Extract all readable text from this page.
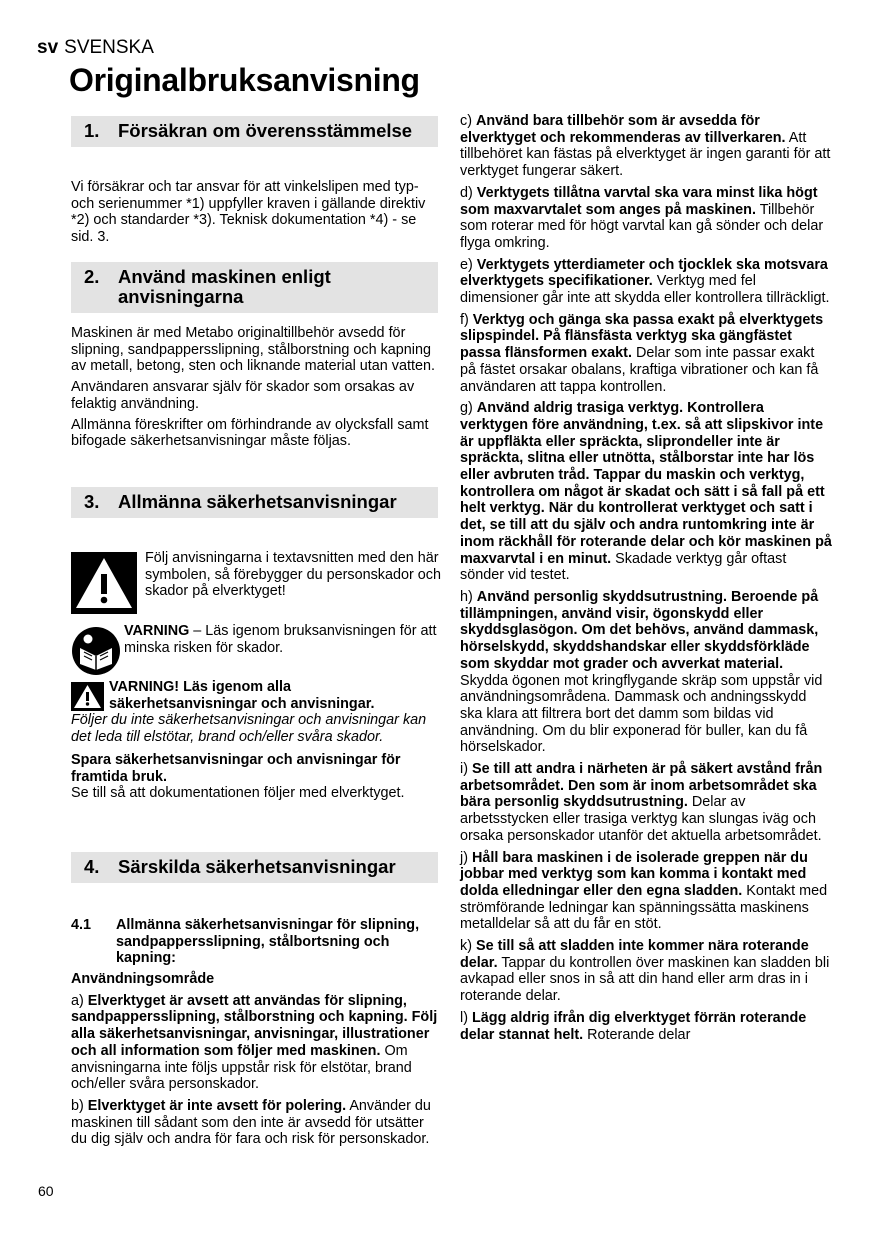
sv SVENSKA
Originalbruksanvisning
1. Försäkran om överensstämmelse

Vi försäkrar och tar ansvar för att vinkelslipen med typ- och serienummer *1) uppfyller kraven i gällande direktiv *2) och standarder *3). Teknisk dokumentation *4) - se sid. 3.

2. Använd maskinen enligt anvisningarna

Maskinen är med Metabo originaltillbehör avsedd för slipning, sandpappersslipning, stålborstning och kapning av metall, betong, sten och liknande material utan vatten.

Användaren ansvarar själv för skador som orsakas av felaktig användning.

Allmänna föreskrifter om förhindrande av olycksfall samt bifogade säkerhetsanvisningar måste följas.

3. Allmänna säkerhetsanvisningar
Följ anvisningarna i textavsnitten med den här symbolen, så förebygger du personskador och skador på elverktyget!
VARNING – Läs igenom bruksanvisningen för att minska risken för skador.

VARNING! Läs igenom alla säkerhetsanvisningar och anvisningar.

Följer du inte säkerhetsanvisningar och anvisningar kan det leda till elstötar, brand och/eller svåra skador.

Spara säkerhetsanvisningar och anvisningar för framtida bruk.

Se till så att dokumentationen följer med elverktyget.

4. Särskilda säkerhetsanvisningar
4.1 Allmänna säkerhetsanvisningar för slipning, sandpappersslipning, stålbortsning och kapning:

Användningsområde

a) Elverktyget är avsett att användas för slipning, sandpappersslipning, stålborstning och kapning. Följ alla säkerhetsanvisningar, anvisningar, illustrationer och all information som följer med maskinen. Om anvisningarna inte följs uppstår risk för elstötar, brand och/eller svåra personskador.

b) Elverktyget är inte avsett för polering. Använder du maskinen till sådant som den inte är avsedd för utsätter du dig själv och andra för fara och risk för personskador.

c) Använd bara tillbehör som är avsedda för elverktyget och rekommenderas av tillverkaren. Att tillbehöret kan fästas på elverktyget är ingen garanti för att verktyget fungerar säkert.

d) Verktygets tillåtna varvtal ska vara minst lika högt som maxvarvtalet som anges på maskinen. Tillbehör som roterar med för högt varvtal kan gå sönder och delar flyga omkring.

e) Verktygets ytterdiameter och tjocklek ska motsvara elverktygets specifikationer. Verktyg med fel dimensioner går inte att skydda eller kontrollera tillräckligt.

f) Verktyg och gänga ska passa exakt på elverktygets slipspindel. På flänsfästa verktyg ska gängfästet passa flänsformen exakt. Delar som inte passar exakt på fästet orsakar obalans, kraftiga vibrationer och kan få användaren att tappa kontrollen.

g) Använd aldrig trasiga verktyg. Kontrollera verktygen före användning, t.ex. så att slipskivor inte är uppfläkta eller spräckta, sliprondeller inte är spräckta, slitna eller utnötta, stålborstar inte har lös eller avbruten tråd. Tappar du maskin och verktyg, kontrollera om något är skadat och sätt i så fall på ett helt verktyg. När du kontrollerat verktyget och satt i det, se till att du själv och andra runtomkring inte är inom räckhåll för roterande delar och kör maskinen på maxvarvtal i en minut. Skadade verktyg går oftast sönder vid testet.

h) Använd personlig skyddsutrustning. Beroende på tillämpningen, använd visir, ögonskydd eller skyddsglasögon. Om det behövs, använd dammask, hörselskydd, skyddshandskar eller skyddsförkläde som skyddar mot grader och avverkat material. Skydda ögonen mot kringflygande skräp som uppstår vid användningsområdena. Dammask och andningsskydd ska klara att filtrera bort det damm som bildas vid användning. Om du blir exponerad för buller, kan du få hörselskador.

i) Se till att andra i närheten är på säkert avstånd från arbetsområdet. Den som är inom arbetsområdet ska bära personlig skyddsutrustning. Delar av arbetsstycken eller trasiga verktyg kan slungas iväg och orsaka personskador utanför det aktuella arbetsområdet.

j) Håll bara maskinen i de isolerade greppen när du jobbar med verktyg som kan komma i kontakt med dolda elledningar eller den egna sladden. Kontakt med strömförande ledningar kan spänningssätta maskinens metalldelar så att du får en stöt.

k) Se till så att sladden inte kommer nära roterande delar. Tappar du kontrollen över maskinen kan sladden bli avkapad eller snos in så att din hand eller arm dras in i roterande delar.

l) Lägg aldrig ifrån dig elverktyget förrän roterande delar stannat helt. Roterande delar

60
